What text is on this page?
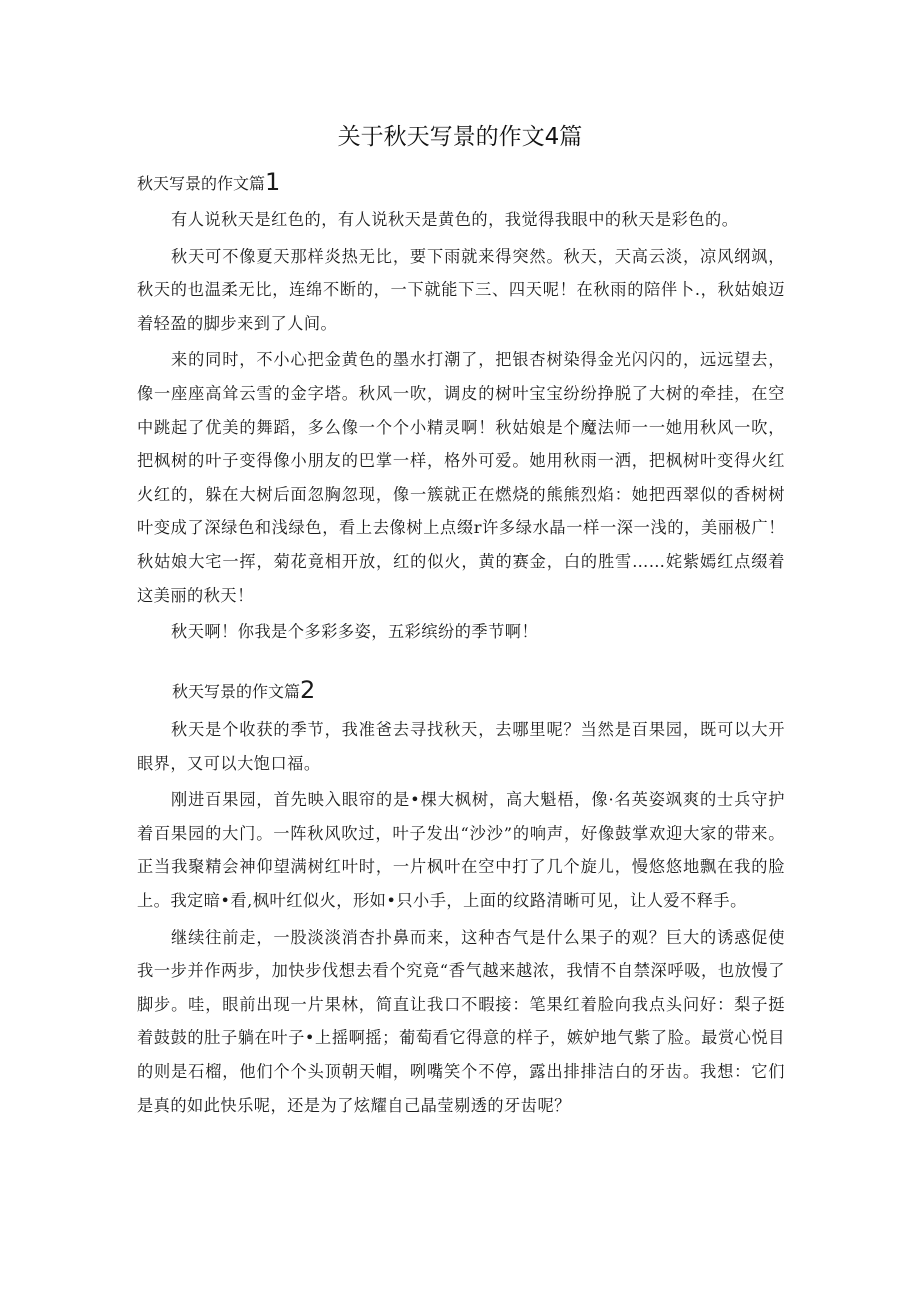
关于秋天写景的作文4篇
秋天写景的作文篇1

有人说秋天是红色的，有人说秋天是黄色的，我觉得我眼中的秋天是彩色的。

秋天可不像夏天那样炎热无比，要下雨就来得突然。秋天，天高云淡，凉风纲飒，秋天的也温柔无比，连绵不断的，一下就能下三、四天呢！在秋雨的陪伴卜.，秋姑娘迈着轻盈的脚步来到了人间。

来的同时，不小心把金黄色的墨水打潮了，把银杏树染得金光闪闪的，远远望去，像一座座高耸云雪的金字塔。秋风一吹，调皮的树叶宝宝纷纷挣脱了大树的牵挂，在空中跳起了优美的舞蹈，多么像一个个小精灵啊！秋姑娘是个魔法师一一她用秋风一吹，把枫树的叶子变得像小朋友的巴掌一样，格外可爱。她用秋雨一洒，把枫树叶变得火红火红的，躲在大树后面忽胸忽现，像一簇就正在燃烧的熊熊烈焰：她把西翠似的香树树叶变成了深绿色和浅绿色，看上去像树上点缀r许多绿水晶一样一深一浅的，美丽极广！秋姑娘大宅一挥，菊花竟相开放，红的似火，黄的赛金，白的胜雪……姹紫嫣红点缀着这美丽的秋天！

秋天啊！你我是个多彩多姿，五彩缤纷的季节啊！

秋天写景的作文篇2

秋天是个收获的季节，我准爸去寻找秋天，去哪里呢？当然是百果园，既可以大开眼界，又可以大饱口福。

刚进百果园，首先映入眼帘的是•棵大枫树，高大魁梧，像·名英姿飒爽的士兵守护着百果园的大门。一阵秋风吹过，叶子发出“沙沙”的响声，好像鼓掌欢迎大家的带来。正当我聚精会神仰望满树红叶时，一片枫叶在空中打了几个旋儿，慢悠悠地飘在我的脸上。我定暗•看,枫叶红似火，形如•只小手，上面的纹路清晰可见，让人爱不释手。

继续往前走，一股淡淡消杏扑鼻而来，这种杏气是什么果子的观？巨大的诱惑促使我一步并作两步，加快步伐想去看个究竟“香气越来越浓，我情不自禁深呼吸，也放慢了脚步。哇，眼前出现一片果林，简直让我口不暇接：笔果红着脸向我点头问好：梨子挺着鼓鼓的肚子躺在叶子•上摇啊摇；葡萄看它得意的样子，嫉妒地气紫了脸。最赏心悦目的则是石榴，他们个个头顶朝天帽，咧嘴笑个不停，露出排排洁白的牙齿。我想：它们是真的如此快乐呢，还是为了炫耀自己晶莹剔透的牙齿呢？
